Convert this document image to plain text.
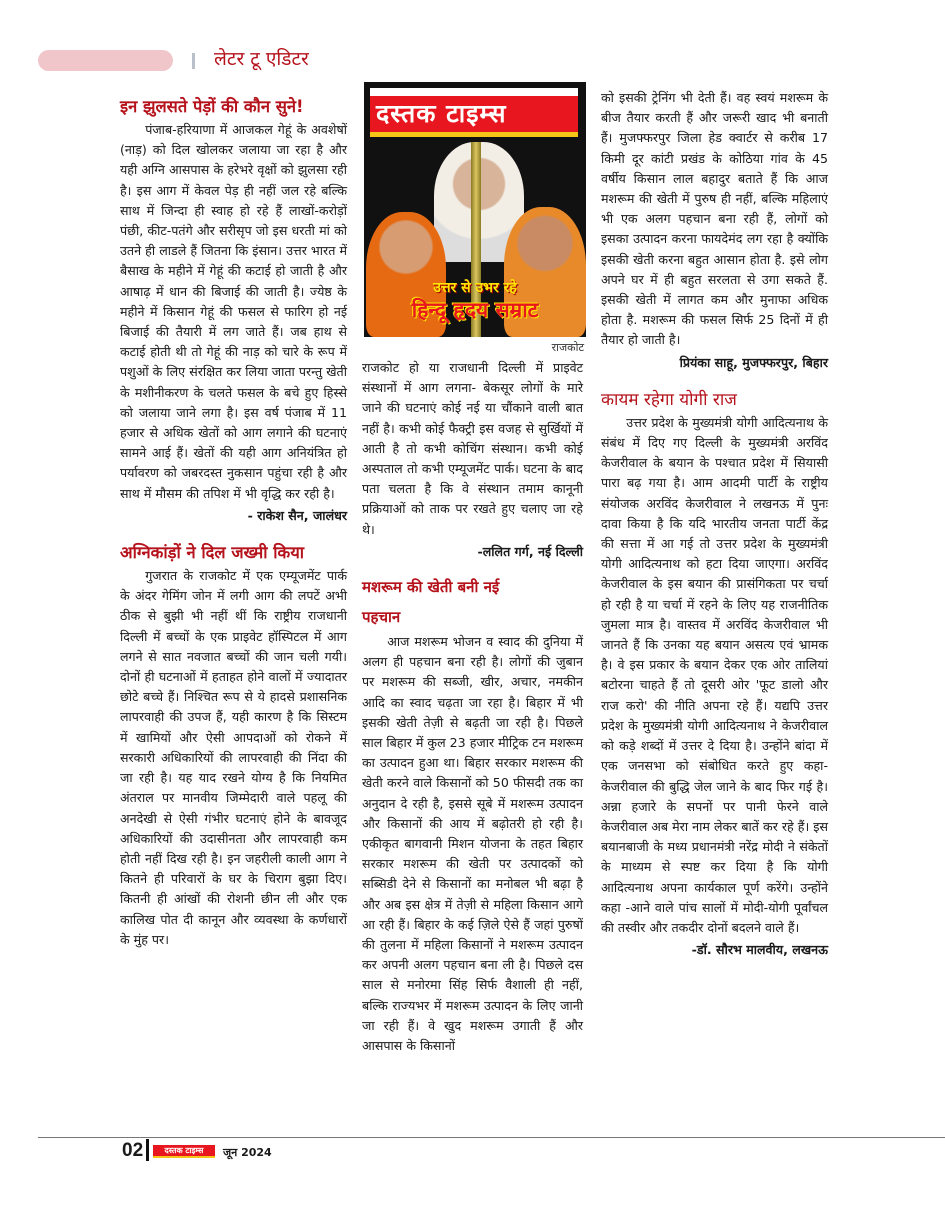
लेटर टू एडिटर
इन झुलसते पेड़ों की कौन सुने!

पंजाब-हरियाणा में आजकल गेहूं के अवशेषों (नाड़) को दिल खोलकर जलाया जा रहा है और यही अग्नि आसपास के हरेभरे वृक्षों को झुलसा रही है। इस आग में केवल पेड़ ही नहीं जल रहे बल्कि साथ में जिन्दा ही स्वाह हो रहे हैं लाखों-करोड़ों पंछी, कीट-पतंगे और सरीसृप जो इस धरती मां को उतने ही लाडले हैं जितना कि इंसान। उत्तर भारत में बैसाख के महीने में गेहूं की कटाई हो जाती है और आषाढ़ में धान की बिजाई की जाती है। ज्येष्ठ के महीने में किसान गेहूं की फसल से फारिग हो नई बिजाई की तैयारी में लग जाते हैं। जब हाथ से कटाई होती थी तो गेहूं की नाड़ को चारे के रूप में पशुओं के लिए संरक्षित कर लिया जाता परन्तु खेती के मशीनीकरण के चलते फसल के बचे हुए हिस्से को जलाया जाने लगा है। इस वर्ष पंजाब में 11 हजार से अधिक खेतों को आग लगाने की घटनाएं सामने आई हैं। खेतों की यही आग अनियंत्रित हो पर्यावरण को जबरदस्त नुकसान पहुंचा रही है और साथ में मौसम की तपिश में भी वृद्धि कर रही है।

- राकेश सैन, जालंधर
अग्निकांड़ों ने दिल जख्मी किया

गुजरात के राजकोट में एक एम्यूजमेंट पार्क के अंदर गेमिंग जोन में लगी आग की लपटें अभी ठीक से बुझी भी नहीं थीं कि राष्ट्रीय राजधानी दिल्ली में बच्चों के एक प्राइवेट हॉस्पिटल में आग लगने से सात नवजात बच्चों की जान चली गयी। दोनों ही घटनाओं में हताहत होने वालों में ज्यादातर छोटे बच्चे हैं। निश्चित रूप से ये हादसे प्रशासनिक लापरवाही की उपज हैं, यही कारण है कि सिस्टम में खामियों और ऐसी आपदाओं को रोकने में सरकारी अधिकारियों की लापरवाही की निंदा की जा रही है। यह याद रखने योग्य है कि नियमित अंतराल पर मानवीय जिम्मेदारी वाले पहलू की अनदेखी से ऐसी गंभीर घटनाएं होने के बावजूद अधिकारियों की उदासीनता और लापरवाही कम होती नहीं दिख रही है। इन जहरीली काली आग ने कितने ही परिवारों के घर के चिराग बुझा दिए। कितनी ही आंखों की रोशनी छीन ली और एक कालिख पोत दी कानून और व्यवस्था के कर्णधारों के मुंह पर।

दस्तक टाइम्स
उत्तर से उभर रहे
हिन्दू हृदय सम्राट
राजकोट

राजकोट हो या राजधानी दिल्ली में प्राइवेट संस्थानों में आग लगना- बेकसूर लोगों के मारे जाने की घटनाएं कोई नई या चौंकाने वाली बात नहीं है। कभी कोई फैक्ट्री इस वजह से सुर्खियों में आती है तो कभी कोचिंग संस्थान। कभी कोई अस्पताल तो कभी एम्यूजमेंट पार्क। घटना के बाद पता चलता है कि वे संस्थान तमाम कानूनी प्रक्रियाओं को ताक पर रखते हुए चलाए जा रहे थे।

-ललित गर्ग, नई दिल्ली
मशरूम की खेती बनी नई
पहचान

आज मशरूम भोजन व स्वाद की दुनिया में अलग ही पहचान बना रही है। लोगों की जुबान पर मशरूम की सब्जी, खीर, अचार, नमकीन आदि का स्वाद चढ़ता जा रहा है। बिहार में भी इसकी खेती तेज़ी से बढ़ती जा रही है। पिछले साल बिहार में कुल 23 हजार मीट्रिक टन मशरूम का उत्पादन हुआ था। बिहार सरकार मशरूम की खेती करने वाले किसानों को 50 फीसदी तक का अनुदान दे रही है, इससे सूबे में मशरूम उत्पादन और किसानों की आय में बढ़ोतरी हो रही है। एकीकृत बागवानी मिशन योजना के तहत बिहार सरकार मशरूम की खेती पर उत्पादकों को सब्सिडी देने से किसानों का मनोबल भी बढ़ा है और अब इस क्षेत्र में तेज़ी से महिला किसान आगे आ रही हैं। बिहार के कई ज़िले ऐसे हैं जहां पुरुषों की तुलना में महिला किसानों ने मशरूम उत्पादन कर अपनी अलग पहचान बना ली है। पिछले दस साल से मनोरमा सिंह सिर्फ वैशाली ही नहीं, बल्कि राज्यभर में मशरूम उत्पादन के लिए जानी जा रही हैं। वे खुद मशरूम उगाती हैं और आसपास के किसानों

को इसकी ट्रेनिंग भी देती हैं। वह स्वयं मशरूम के बीज तैयार करती हैं और जरूरी खाद भी बनाती हैं। मुजफ्फरपुर जिला हेड क्वार्टर से करीब 17 किमी दूर कांटी प्रखंड के कोठिया गांव के 45 वर्षीय किसान लाल बहादुर बताते हैं कि आज मशरूम की खेती में पुरुष ही नहीं, बल्कि महिलाएं भी एक अलग पहचान बना रही हैं, लोगों को इसका उत्पादन करना फायदेमंद लग रहा है क्योंकि इसकी खेती करना बहुत आसान होता है. इसे लोग अपने घर में ही बहुत सरलता से उगा सकते हैं. इसकी खेती में लागत कम और मुनाफा अधिक होता है. मशरूम की फसल सिर्फ 25 दिनों में ही तैयार हो जाती है।

प्रियंका साहू, मुजफ्फरपुर, बिहार
कायम रहेगा योगी राज

उत्तर प्रदेश के मुख्यमंत्री योगी आदित्यनाथ के संबंध में दिए गए दिल्ली के मुख्यमंत्री अरविंद केजरीवाल के बयान के पश्चात प्रदेश में सियासी पारा बढ़ गया है। आम आदमी पार्टी के राष्ट्रीय संयोजक अरविंद केजरीवाल ने लखनऊ में पुनः दावा किया है कि यदि भारतीय जनता पार्टी केंद्र की सत्ता में आ गई तो उत्तर प्रदेश के मुख्यमंत्री योगी आदित्यनाथ को हटा दिया जाएगा। अरविंद केजरीवाल के इस बयान की प्रासंगिकता पर चर्चा हो रही है या चर्चा में रहने के लिए यह राजनीतिक जुमला मात्र है। वास्तव में अरविंद केजरीवाल भी जानते हैं कि उनका यह बयान असत्य एवं भ्रामक है। वे इस प्रकार के बयान देकर एक ओर तालियां बटोरना चाहते हैं तो दूसरी ओर 'फूट डालो और राज करो' की नीति अपना रहे हैं। यद्यपि उत्तर प्रदेश के मुख्यमंत्री योगी आदित्यनाथ ने केजरीवाल को कड़े शब्दों में उत्तर दे दिया है। उन्होंने बांदा में एक जनसभा को संबोधित करते हुए कहा- केजरीवाल की बुद्धि जेल जाने के बाद फिर गई है। अन्ना हजारे के सपनों पर पानी फेरने वाले केजरीवाल अब मेरा नाम लेकर बातें कर रहे हैं। इस बयानबाजी के मध्य प्रधानमंत्री नरेंद्र मोदी ने संकेतों के माध्यम से स्पष्ट कर दिया है कि योगी आदित्यनाथ अपना कार्यकाल पूर्ण करेंगे। उन्होंने कहा -आने वाले पांच सालों में मोदी-योगी पूर्वांचल की तस्वीर और तकदीर दोनों बदलने वाले हैं।

-डॉ. सौरभ मालवीय, लखनऊ
02	दस्तक टाइम्स	जून 2024
